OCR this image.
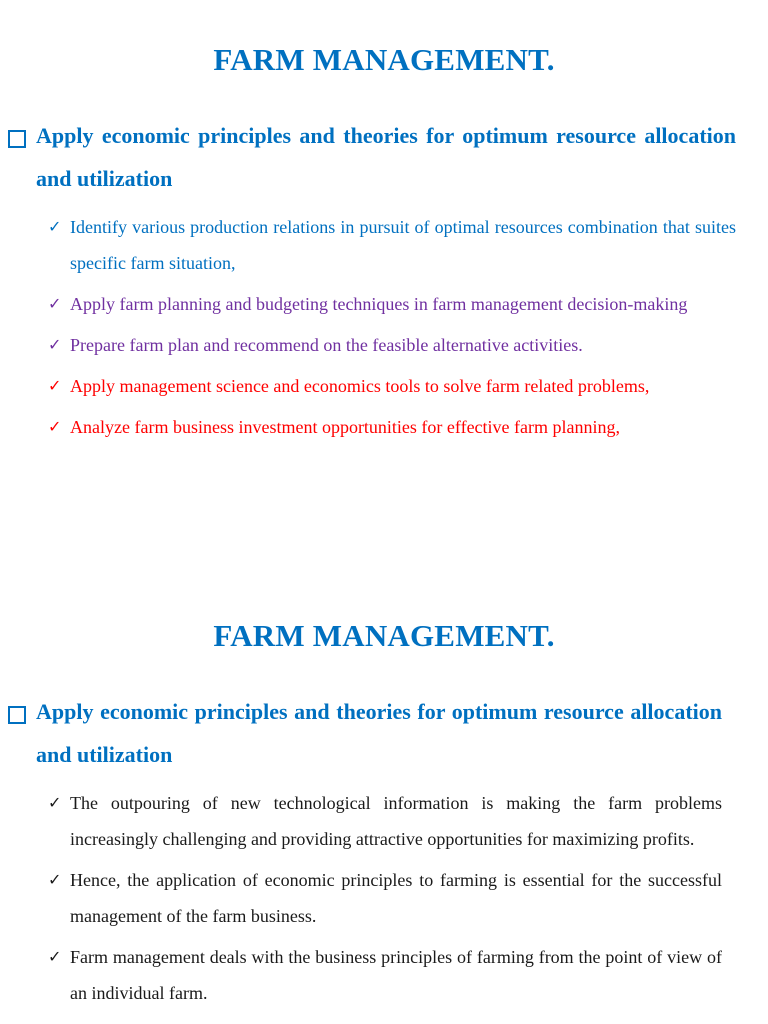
FARM MANAGEMENT.
Apply economic principles and theories for optimum resource allocation and utilization
✓ Identify various production relations in pursuit of optimal resources combination that suites specific farm situation,
✓ Apply farm planning and budgeting techniques in farm management decision-making
✓ Prepare farm plan and recommend on the feasible alternative activities.
✓ Apply management science and economics tools to solve farm related problems,
✓ Analyze farm business investment opportunities for effective farm planning,
FARM MANAGEMENT.
Apply economic principles and theories for optimum resource allocation and utilization
✓ The outpouring of new technological information is making the farm problems increasingly challenging and providing attractive opportunities for maximizing profits.
✓ Hence, the application of economic principles to farming is essential for the successful management of the farm business.
✓ Farm management deals with the business principles of farming from the point of view of an individual farm.
